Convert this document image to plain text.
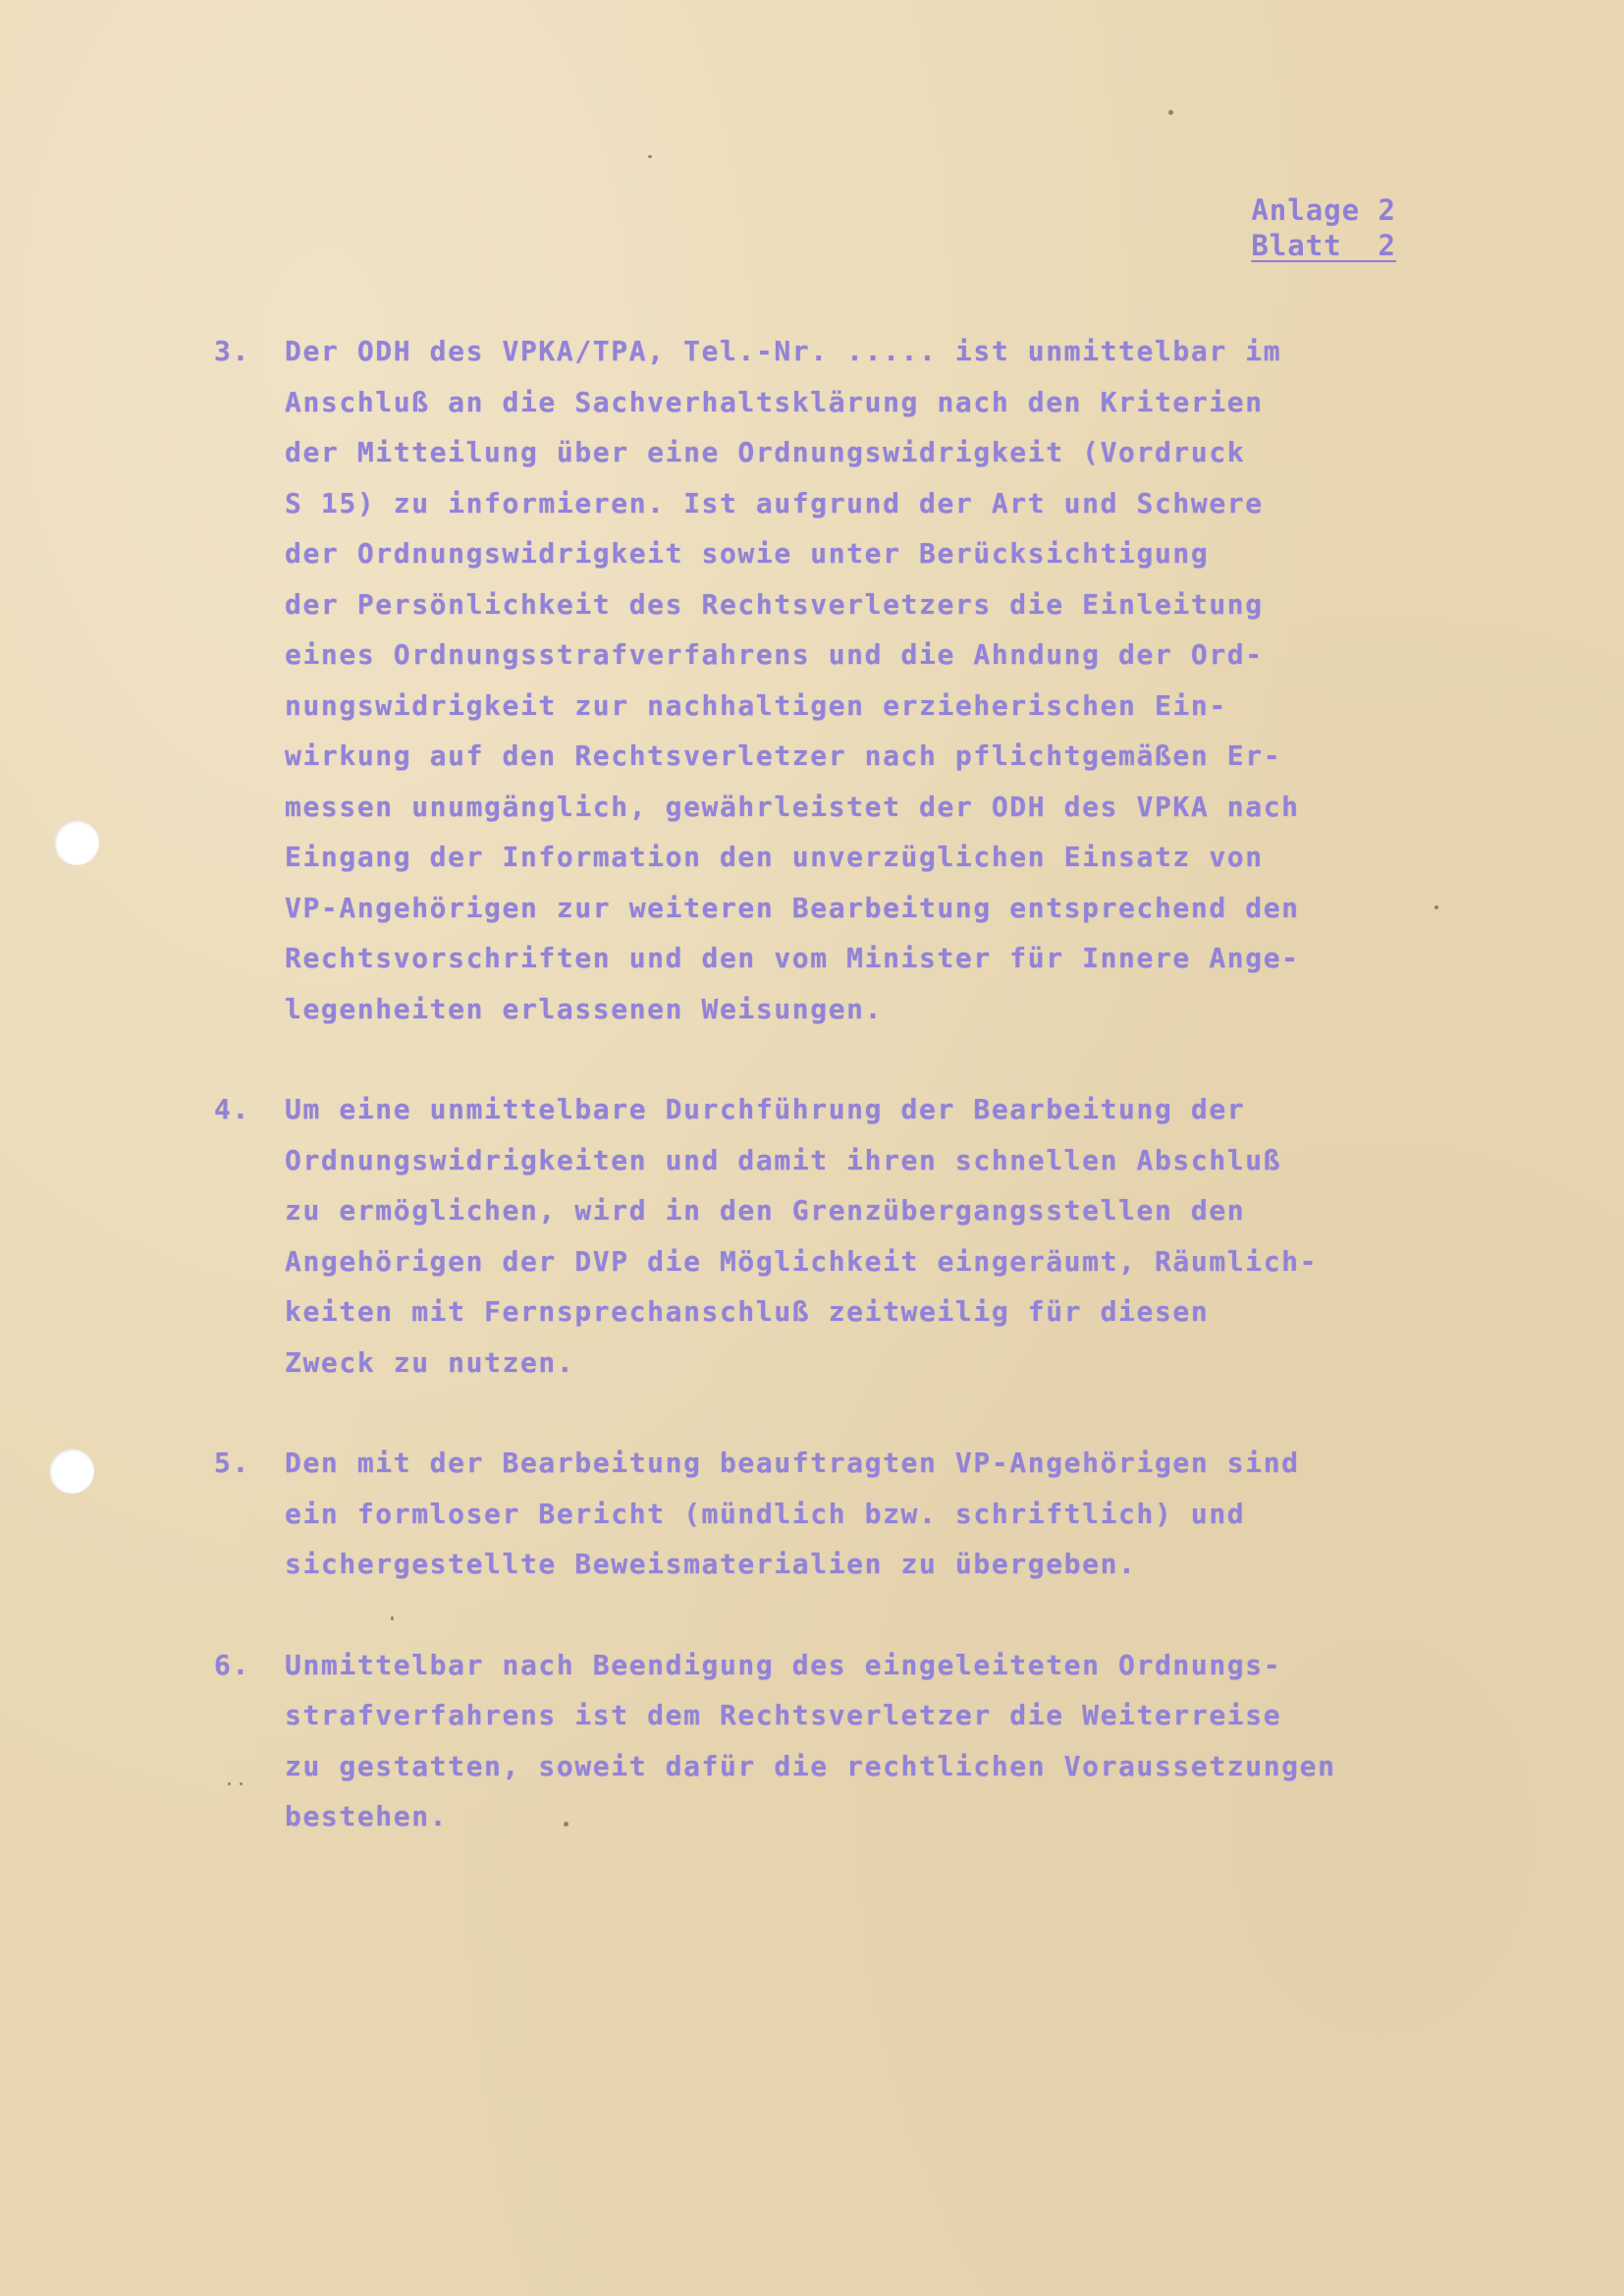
Anlage 2
Blatt  2
3.	Der ODH des VPKA/TPA, Tel.-Nr. ..... ist unmittelbar im
Anschluß an die Sachverhaltsklärung nach den Kriterien
der Mitteilung über eine Ordnungswidrigkeit (Vordruck
S 15) zu informieren. Ist aufgrund der Art und Schwere
der Ordnungswidrigkeit sowie unter Berücksichtigung
der Persönlichkeit des Rechtsverletzers die Einleitung
eines Ordnungsstrafverfahrens und die Ahndung der Ord-
nungswidrigkeit zur nachhaltigen erzieherischen Ein-
wirkung auf den Rechtsverletzer nach pflichtgemäßen Er-
messen unumgänglich, gewährleistet der ODH des VPKA nach
Eingang der Information den unverzüglichen Einsatz von
VP-Angehörigen zur weiteren Bearbeitung entsprechend den
Rechtsvorschriften und den vom Minister für Innere Ange-
legenheiten erlassenen Weisungen.
4.	Um eine unmittelbare Durchführung der Bearbeitung der
Ordnungswidrigkeiten und damit ihren schnellen Abschluß
zu ermöglichen, wird in den Grenzübergangsstellen den
Angehörigen der DVP die Möglichkeit eingeräumt, Räumlich-
keiten mit Fernsprechanschluß zeitweilig für diesen
Zweck zu nutzen.
5.	Den mit der Bearbeitung beauftragten VP-Angehörigen sind
ein formloser Bericht (mündlich bzw. schriftlich) und
sichergestellte Beweismaterialien zu übergeben.
6.	Unmittelbar nach Beendigung des eingeleiteten Ordnungs-
strafverfahrens ist dem Rechtsverletzer die Weiterreise
zu gestatten, soweit dafür die rechtlichen Voraussetzungen
bestehen.
